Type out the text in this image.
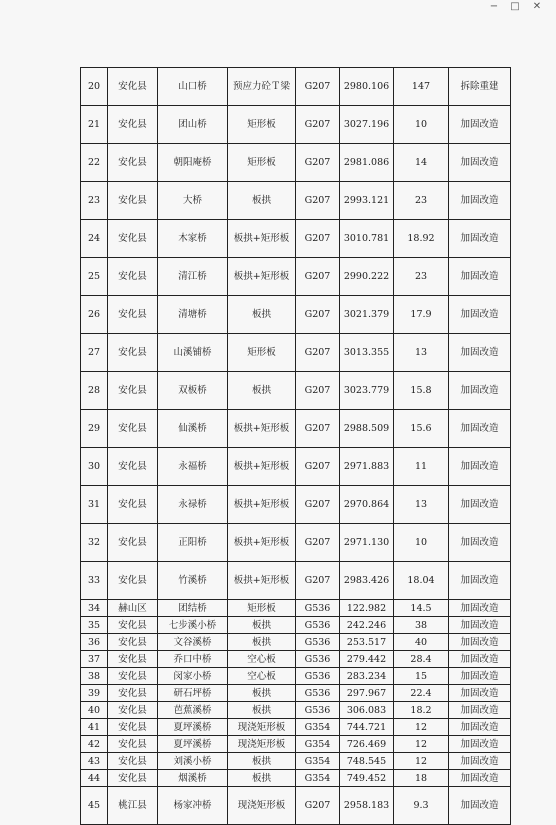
− □ ✕
20	安化县	山口桥	预应力砼Ｔ梁	G207	2980.106	147	拆除重建
21	安化县	团山桥	矩形板	G207	3027.196	10	加固改造
22	安化县	朝阳庵桥	矩形板	G207	2981.086	14	加固改造
23	安化县	大桥	板拱	G207	2993.121	23	加固改造
24	安化县	木家桥	板拱+矩形板	G207	3010.781	18.92	加固改造
25	安化县	清江桥	板拱+矩形板	G207	2990.222	23	加固改造
26	安化县	清塘桥	板拱	G207	3021.379	17.9	加固改造
27	安化县	山溪铺桥	矩形板	G207	3013.355	13	加固改造
28	安化县	双板桥	板拱	G207	3023.779	15.8	加固改造
29	安化县	仙溪桥	板拱+矩形板	G207	2988.509	15.6	加固改造
30	安化县	永福桥	板拱+矩形板	G207	2971.883	11	加固改造
31	安化县	永禄桥	板拱+矩形板	G207	2970.864	13	加固改造
32	安化县	正阳桥	板拱+矩形板	G207	2971.130	10	加固改造
33	安化县	竹溪桥	板拱+矩形板	G207	2983.426	18.04	加固改造
34	赫山区	团结桥	矩形板	G536	122.982	14.5	加固改造
35	安化县	七步溪小桥	板拱	G536	242.246	38	加固改造
36	安化县	文谷溪桥	板拱	G536	253.517	40	加固改造
37	安化县	乔口中桥	空心板	G536	279.442	28.4	加固改造
38	安化县	闵家小桥	空心板	G536	283.234	15	加固改造
39	安化县	研石坪桥	板拱	G536	297.967	22.4	加固改造
40	安化县	芭蕉溪桥	板拱	G536	306.083	18.2	加固改造
41	安化县	夏坪溪桥	现浇矩形板	G354	744.721	12	加固改造
42	安化县	夏坪溪桥	现浇矩形板	G354	726.469	12	加固改造
43	安化县	刘溪小桥	板拱	G354	748.545	12	加固改造
44	安化县	烟溪桥	板拱	G354	749.452	18	加固改造
45	桃江县	杨家冲桥	现浇矩形板	G207	2958.183	9.3	加固改造
